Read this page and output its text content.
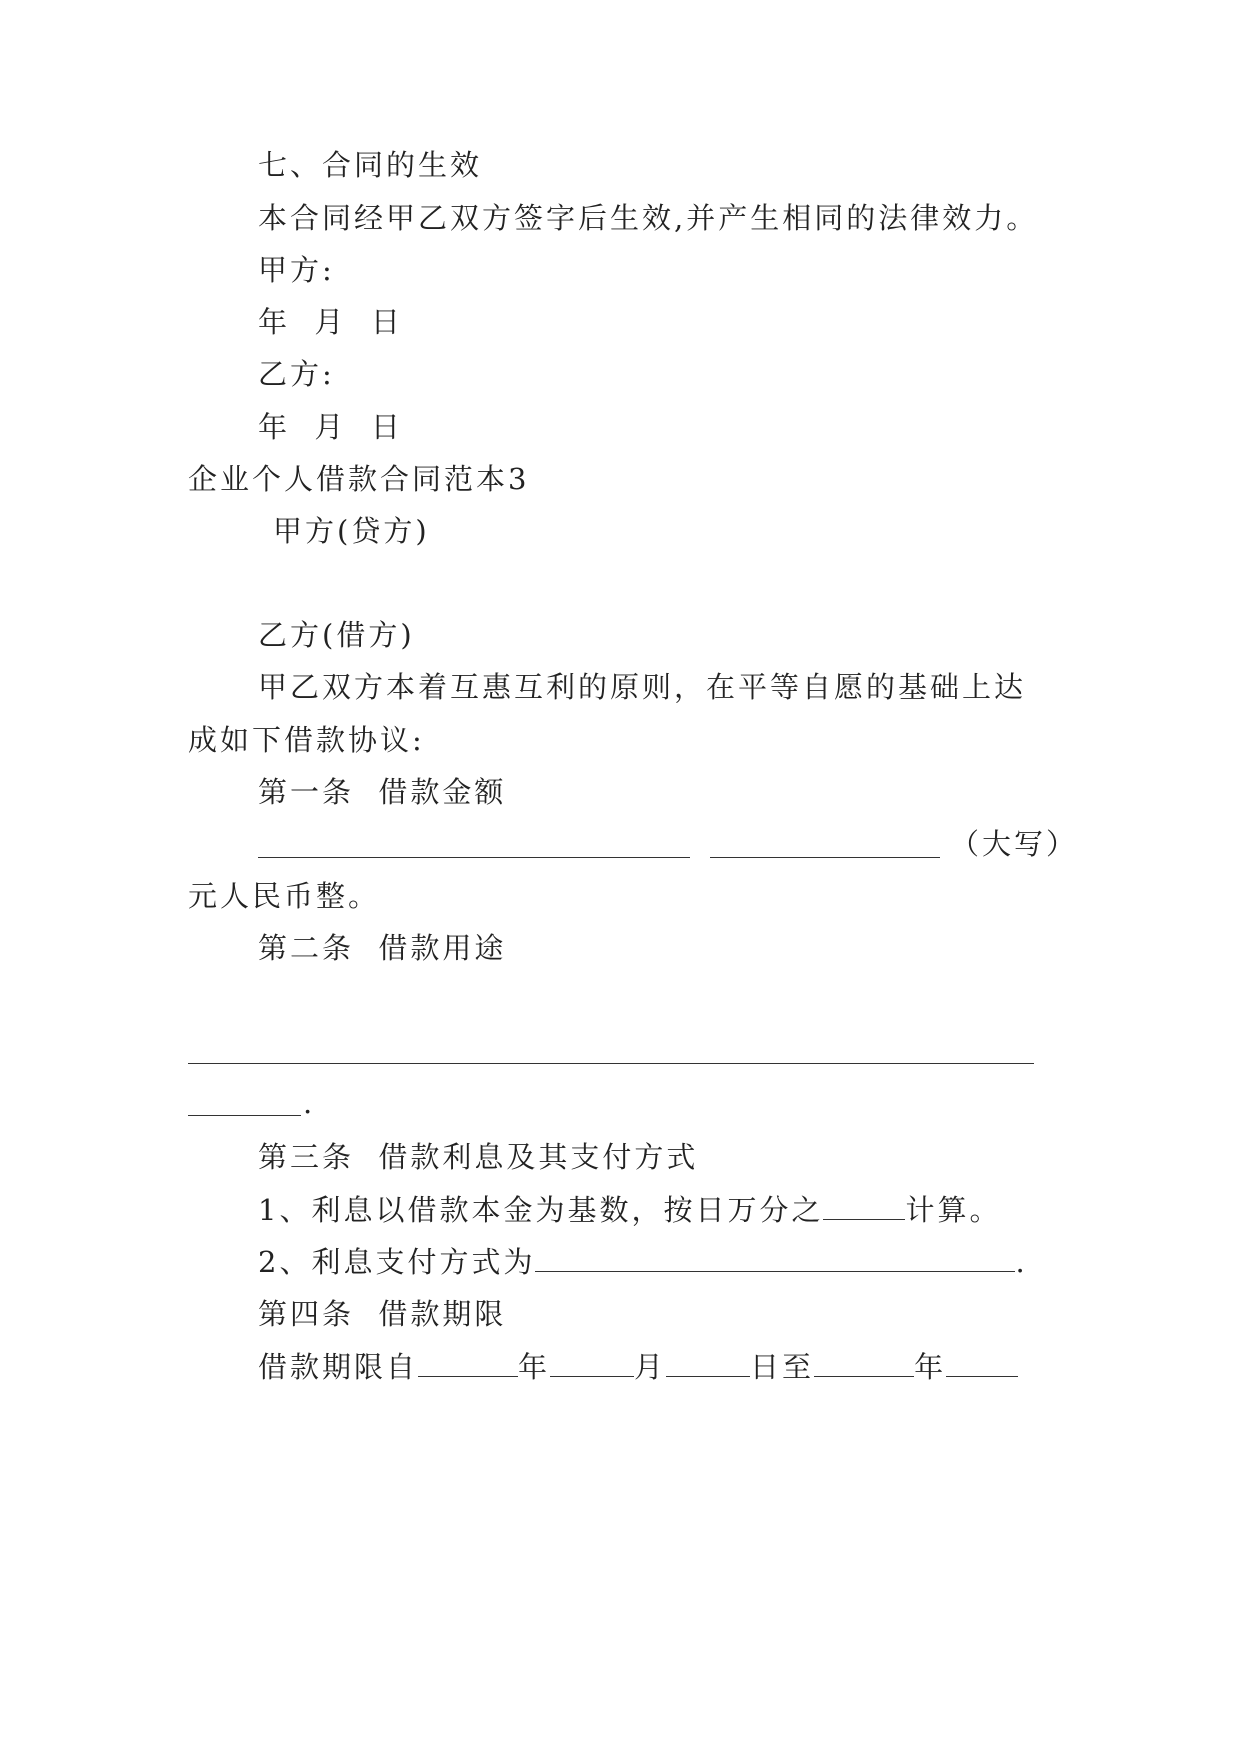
七、合同的生效
本合同经甲乙双方签字后生效,并产生相同的法律效力。
甲方:
年  月  日
乙方:
年  月  日
企业个人借款合同范本3
甲方(贷方)
乙方(借方)
甲乙双方本着互惠互利的原则，在平等自愿的基础上达
成如下借款协议:
第一条  借款金额
（大写）
元人民币整。
第二条  借款用途
.
第三条  借款利息及其支付方式
1、利息以借款本金为基数，按日万分之	计算。
2、利息支付方式为	.
第四条  借款期限
借款期限自	年	月	日至	年
